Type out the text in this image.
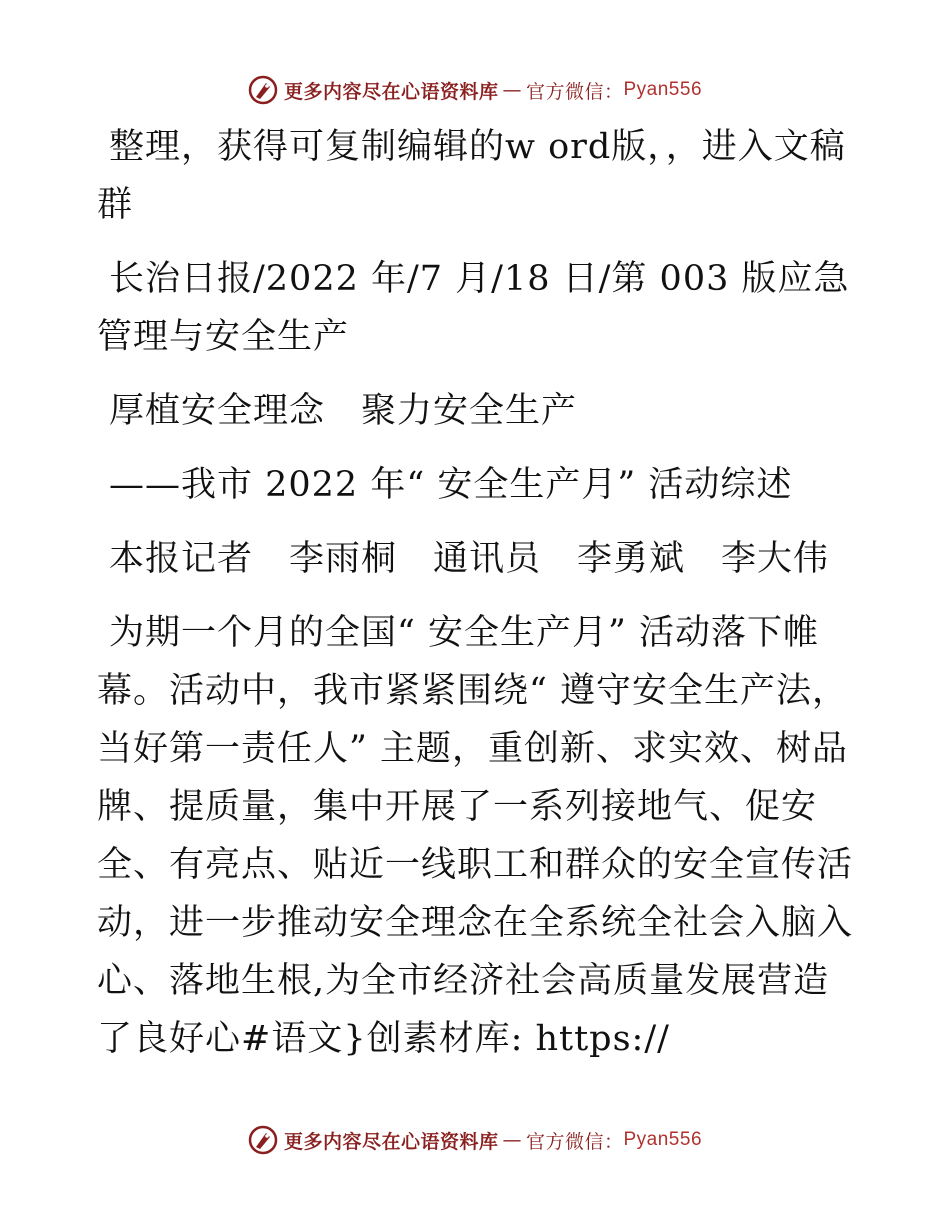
更多内容尽在心语资料库 — 官方微信： Pyan556

整理，获得可复制编辑的w ord版，，进入文稿群

长治日报/2022 年/7 月/18 日/第 003 版应急管理与安全生产

厚植安全理念　聚力安全生产

——我市 2022 年“ 安全生产月” 活动综述

本报记者　李雨桐　通讯员　李勇斌　李大伟

为期一个月的全国“ 安全生产月” 活动落下帷幕。活动中，我市紧紧围绕“ 遵守安全生产法，当好第一责任人” 主题，重创新、求实效、树品牌、提质量，集中开展了一系列接地气、促安全、有亮点、贴近一线职工和群众的安全宣传活动，进一步推动安全理念在全系统全社会入脑入心、落地生根,为全市经济社会高质量发展营造了良好心#语文}创素材库: https://

更多内容尽在心语资料库 — 官方微信： Pyan556
